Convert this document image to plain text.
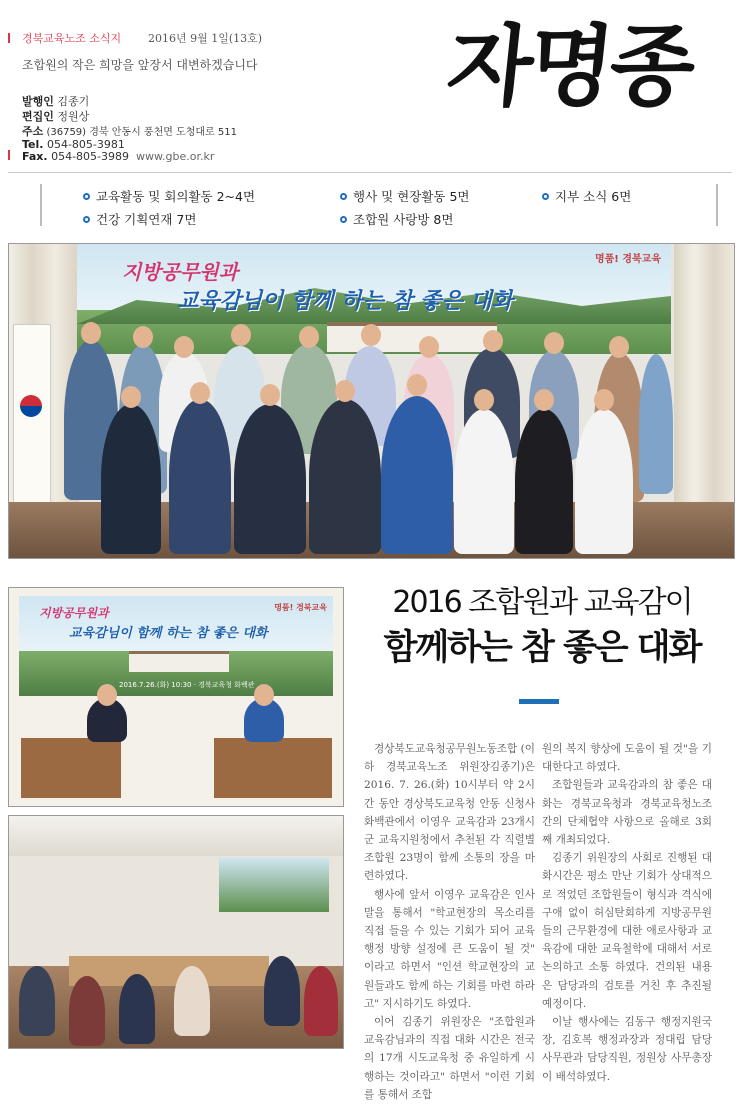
경북교육노조 소식지 2016년 9월 1일(13호)
조합원의 작은 희망을 앞장서 대변하겠습니다 자명종
발행인 김종기
편집인 정원상
주소 (36759) 경북 안동시 풍천면 도청대로 511
Tel. 054-805-3981
Fax. 054-805-3989 www.gbe.or.kr
교육활동 및 회의활동 2~4면	행사 및 현장활동 5면	지부 소식 6면
건강 기획연재 7면	조합원 사랑방 8면
지방공무원과
교육감님이 함께 하는 참 좋은 대화
명품! 경북교육
지방공무원과
교육감님이 함께 하는 참 좋은 대화
명품! 경북교육
2016.7.26.(화) 10:30 · 경북교육청 화백관
2016 조합원과 교육감이
함께하는 참 좋은 대화

경상북도교육청공무원노동조합 (이하 경북교육노조 위원장김종기)은 2016. 7. 26.(화) 10시부터 약 2시간 동안 경상북도교육청 안동 신청사 화백관에서 이영우 교육감과 23개시군 교육지원청에서 추천된 각 직렬별 조합원 23명이 함께 소통의 장을 마련하였다.

행사에 앞서 이영우 교육감은 인사말을 통해서 "학교현장의 목소리를 직접 들을 수 있는 기회가 되어 교육행정 방향 설정에 큰 도움이 될 것" 이라고 하면서 "인션 학교현장의 교원들과도 함께 하는 기회를 마련 하라고" 지시하기도 하였다.

이어 김종기 위원장은 "조합원과 교육감님과의 직접 대화 시간은 전국의 17개 시도교육청 중 유일하게 시행하는 것이라고" 하면서 "이런 기회를 통해서 조합

원의 복지 향상에 도움이 될 것"을 기대한다고 하였다.

조합원들과 교육감과의 참 좋은 대화는 경북교육청과 경북교육청노조간의 단체협약 사항으로 올해로 3회째 개최되었다.

김종기 위원장의 사회로 진행된 대화시간은 평소 만난 기회가 상대적으로 적었던 조합원들이 형식과 격식에 구애 없이 허심탄회하게 지방공무원들의 근무환경에 대한 애로사항과 교육감에 대한 교육철학에 대해서 서로 논의하고 소통 하였다. 건의된 내용은 담당과의 검토를 거친 후 추진될 예정이다.

이날 행사에는 김동구 행정지원국장, 김호복 행정과장과 정대립 담당사무관과 담당직원, 정원상 사무총장이 배석하였다.
